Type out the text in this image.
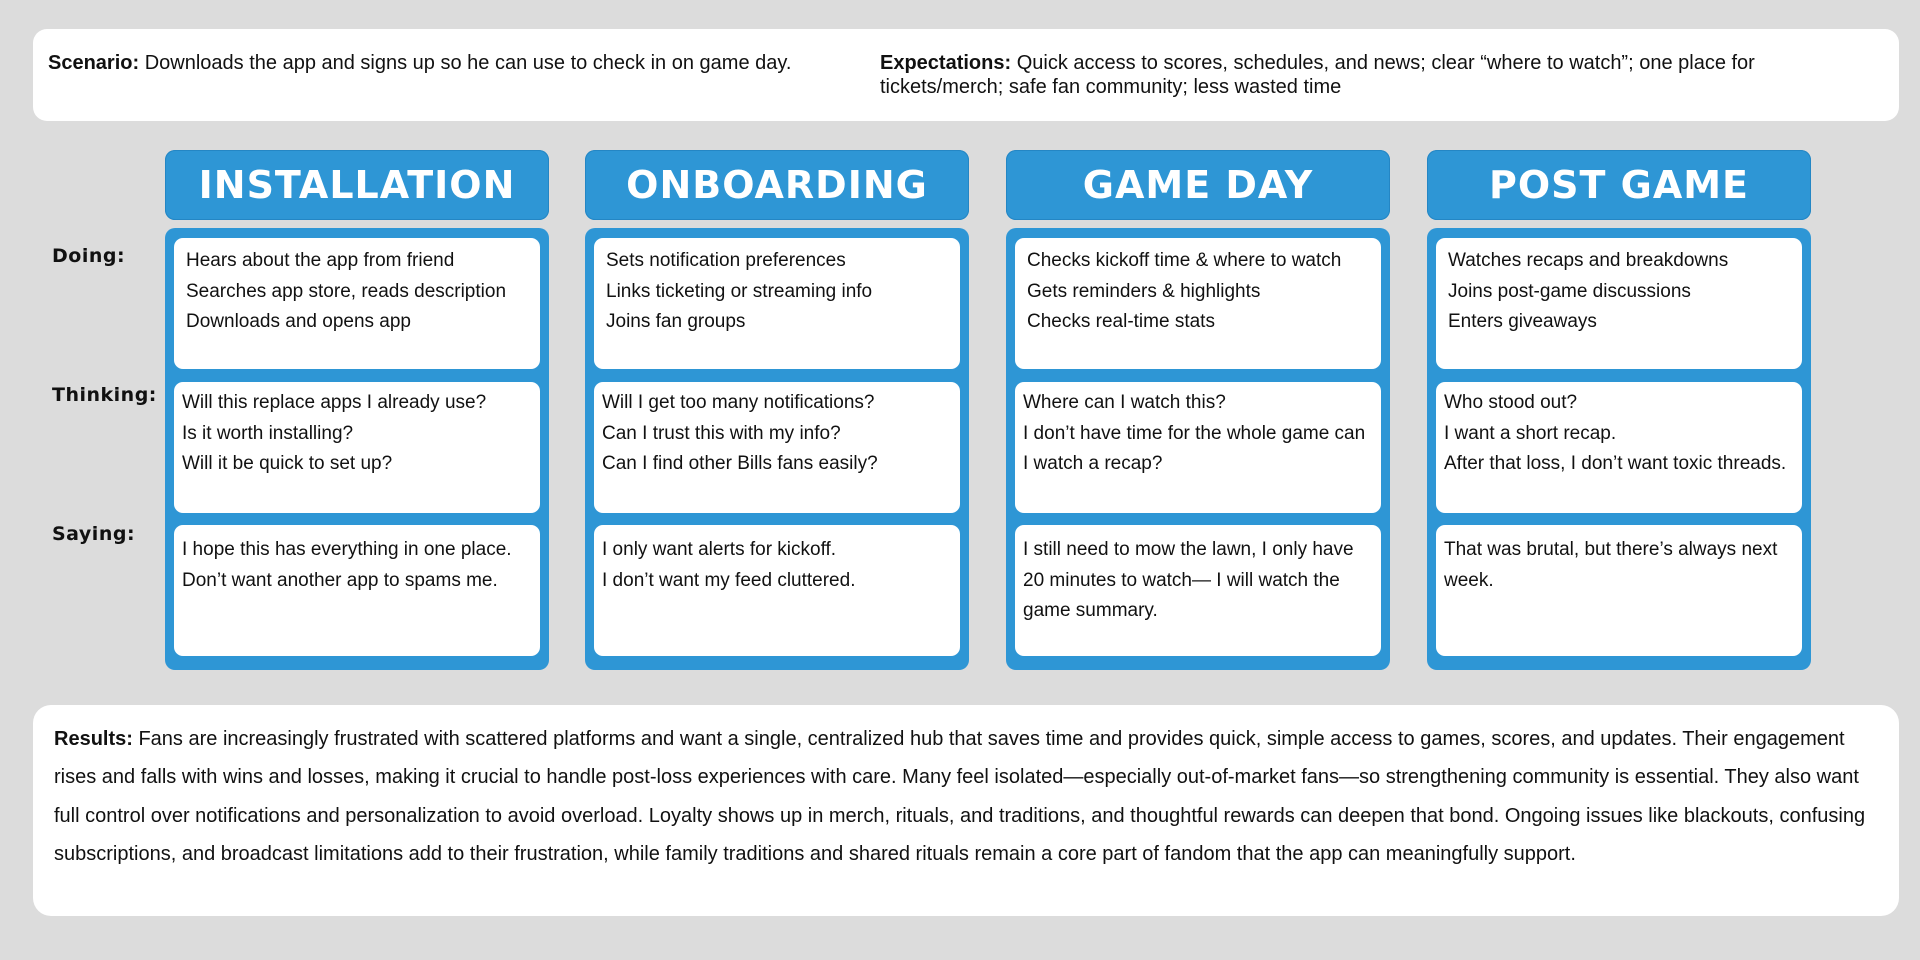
Scenario: Downloads the app and signs up so he can use to check in on game day.	Expectations: Quick access to scores, schedules, and news; clear “where to watch”; one place for tickets/merch; safe fan community; less wasted time
Doing:
Thinking:
Saying:
INSTALLATION
Hears about the app from friend
Searches app store, reads description
Downloads and opens app
Will this replace apps I already use?
Is it worth installing?
Will it be quick to set up?
I hope this has everything in one place.
Don’t want another app to spams me.
ONBOARDING
Sets notification preferences
Links ticketing or streaming info
Joins fan groups
Will I get too many notifications?
Can I trust this with my info?
Can I find other Bills fans easily?
I only want alerts for kickoff.
I don’t want my feed cluttered.
GAME DAY
Checks kickoff time & where to watch
Gets reminders & highlights
Checks real-time stats
Where can I watch this?
I don’t have time for the whole game can I watch a recap?
I still need to mow the lawn, I only have 20 minutes to watch— I will watch the game summary.
POST GAME
Watches recaps and breakdowns
Joins post-game discussions
Enters giveaways
Who stood out?
I want a short recap.
After that loss, I don’t want toxic threads.
That was brutal, but there’s always next week.
Results: Fans are increasingly frustrated with scattered platforms and want a single, centralized hub that saves time and provides quick, simple access to games, scores, and updates. Their engagement rises and falls with wins and losses, making it crucial to handle post-loss experiences with care. Many feel isolated—especially out-of-market fans—so strengthening community is essential. They also want full control over notifications and personalization to avoid overload. Loyalty shows up in merch, rituals, and traditions, and thoughtful rewards can deepen that bond. Ongoing issues like blackouts, confusing subscriptions, and broadcast limitations add to their frustration, while family traditions and shared rituals remain a core part of fandom that the app can meaningfully support.
